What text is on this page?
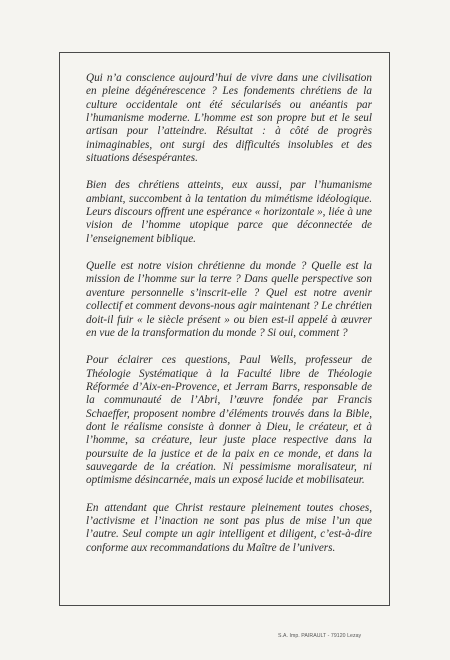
Qui n’a conscience aujourd’hui de vivre dans une civilisation en pleine dégénérescence ? Les fondements chrétiens de la culture occidentale ont été sécularisés ou anéantis par l’humanisme moderne. L’homme est son propre but et le seul artisan pour l’atteindre. Résultat : à côté de progrès inimaginables, ont surgi des difficultés insolubles et des situations désespérantes.

Bien des chrétiens atteints, eux aussi, par l’humanisme ambiant, succombent à la tentation du mimétisme idéologique. Leurs discours offrent une espérance « horizontale », liée à une vision de l’homme utopique parce que déconnectée de l’enseignement biblique.

Quelle est notre vision chrétienne du monde ? Quelle est la mission de l’homme sur la terre ? Dans quelle perspective son aventure personnelle s’inscrit-elle ? Quel est notre avenir collectif et comment devons-nous agir maintenant ? Le chrétien doit-il fuir « le siècle présent » ou bien est-il appelé à œuvrer en vue de la transformation du monde ? Si oui, comment ?

Pour éclairer ces questions, Paul Wells, professeur de Théologie Systématique à la Faculté libre de Théologie Réformée d’Aix-en-Provence, et Jerram Barrs, responsable de la communauté de l’Abri, l’œuvre fondée par Francis Schaeffer, proposent nombre d’éléments trouvés dans la Bible, dont le réalisme consiste à donner à Dieu, le créateur, et à l’homme, sa créature, leur juste place respective dans la poursuite de la justice et de la paix en ce monde, et dans la sauvegarde de la création. Ni pessimisme moralisateur, ni optimisme désincarnée, mais un exposé lucide et mobilisateur.

En attendant que Christ restaure pleinement toutes choses, l’activisme et l’inaction ne sont pas plus de mise l’un que l’autre. Seul compte un agir intelligent et diligent, c’est-à-dire conforme aux recommandations du Maître de l’univers.

S.A. Imp. PAIRAULT - 79120 Lezay
